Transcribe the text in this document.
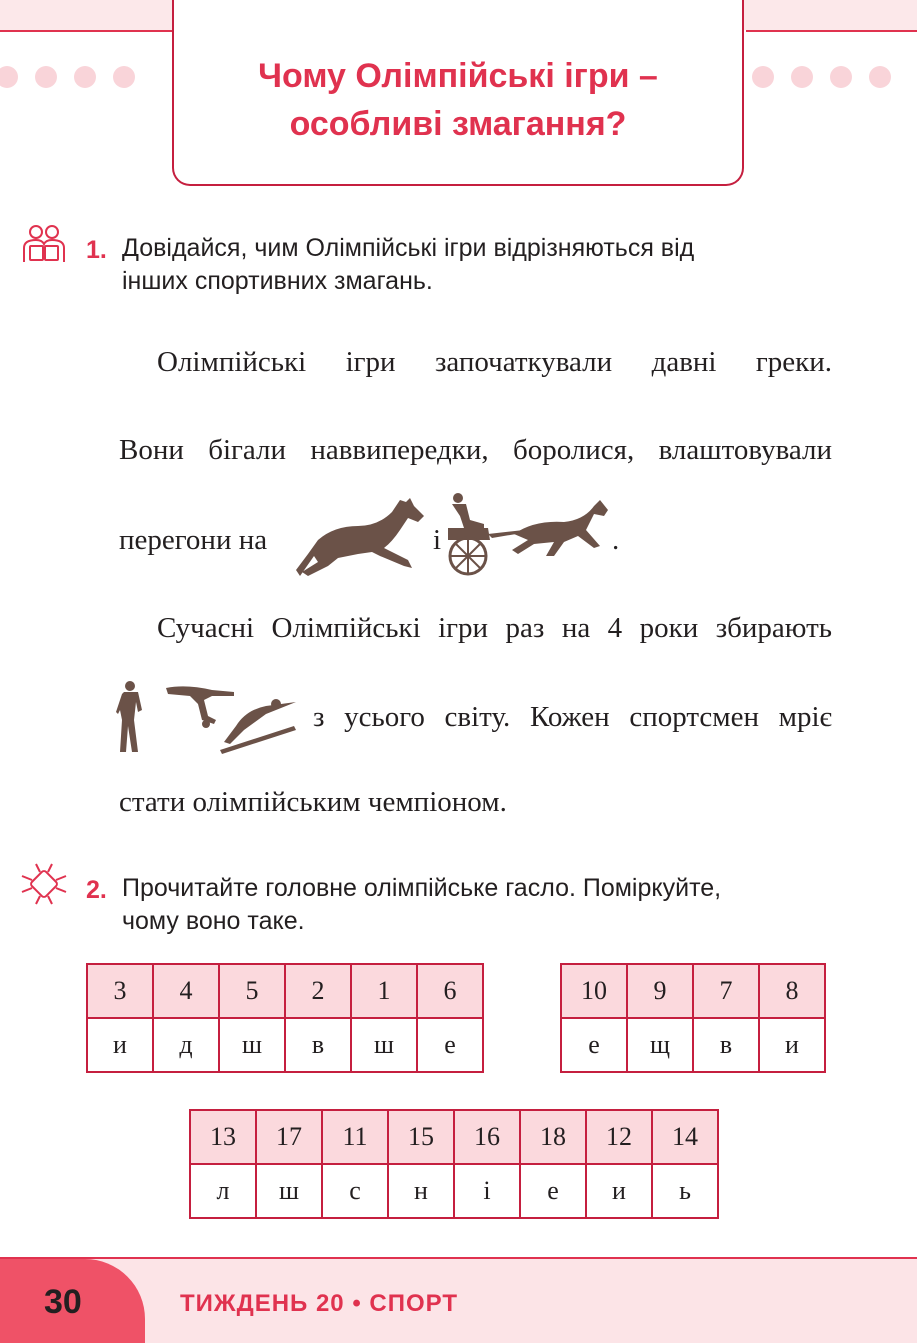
Чому Олімпійські ігри –
особливі змагання?
1. Довідайся, чим Олімпійські ігри відрізняються від
інших спортивних змагань.
Олімпійські ігри започаткували давні греки.
Вони бігали наввипередки, боролися, влаштовували
перегони на	і	.
Сучасні Олімпійські ігри раз на 4 роки збирають
з усього світу. Кожен спортсмен мріє
стати олімпійським чемпіоном.
2. Прочитайте головне олімпійське гасло. Поміркуйте,
чому воно таке.
3	4	5	2	1	6
и	д	ш	в	ш	е
10	9	7	8
е	щ	в	и
13	17	11	15	16	18	12	14
л	ш	с	н	і	е	и	ь
30	ТИЖДЕНЬ 20 • СПОРТ
